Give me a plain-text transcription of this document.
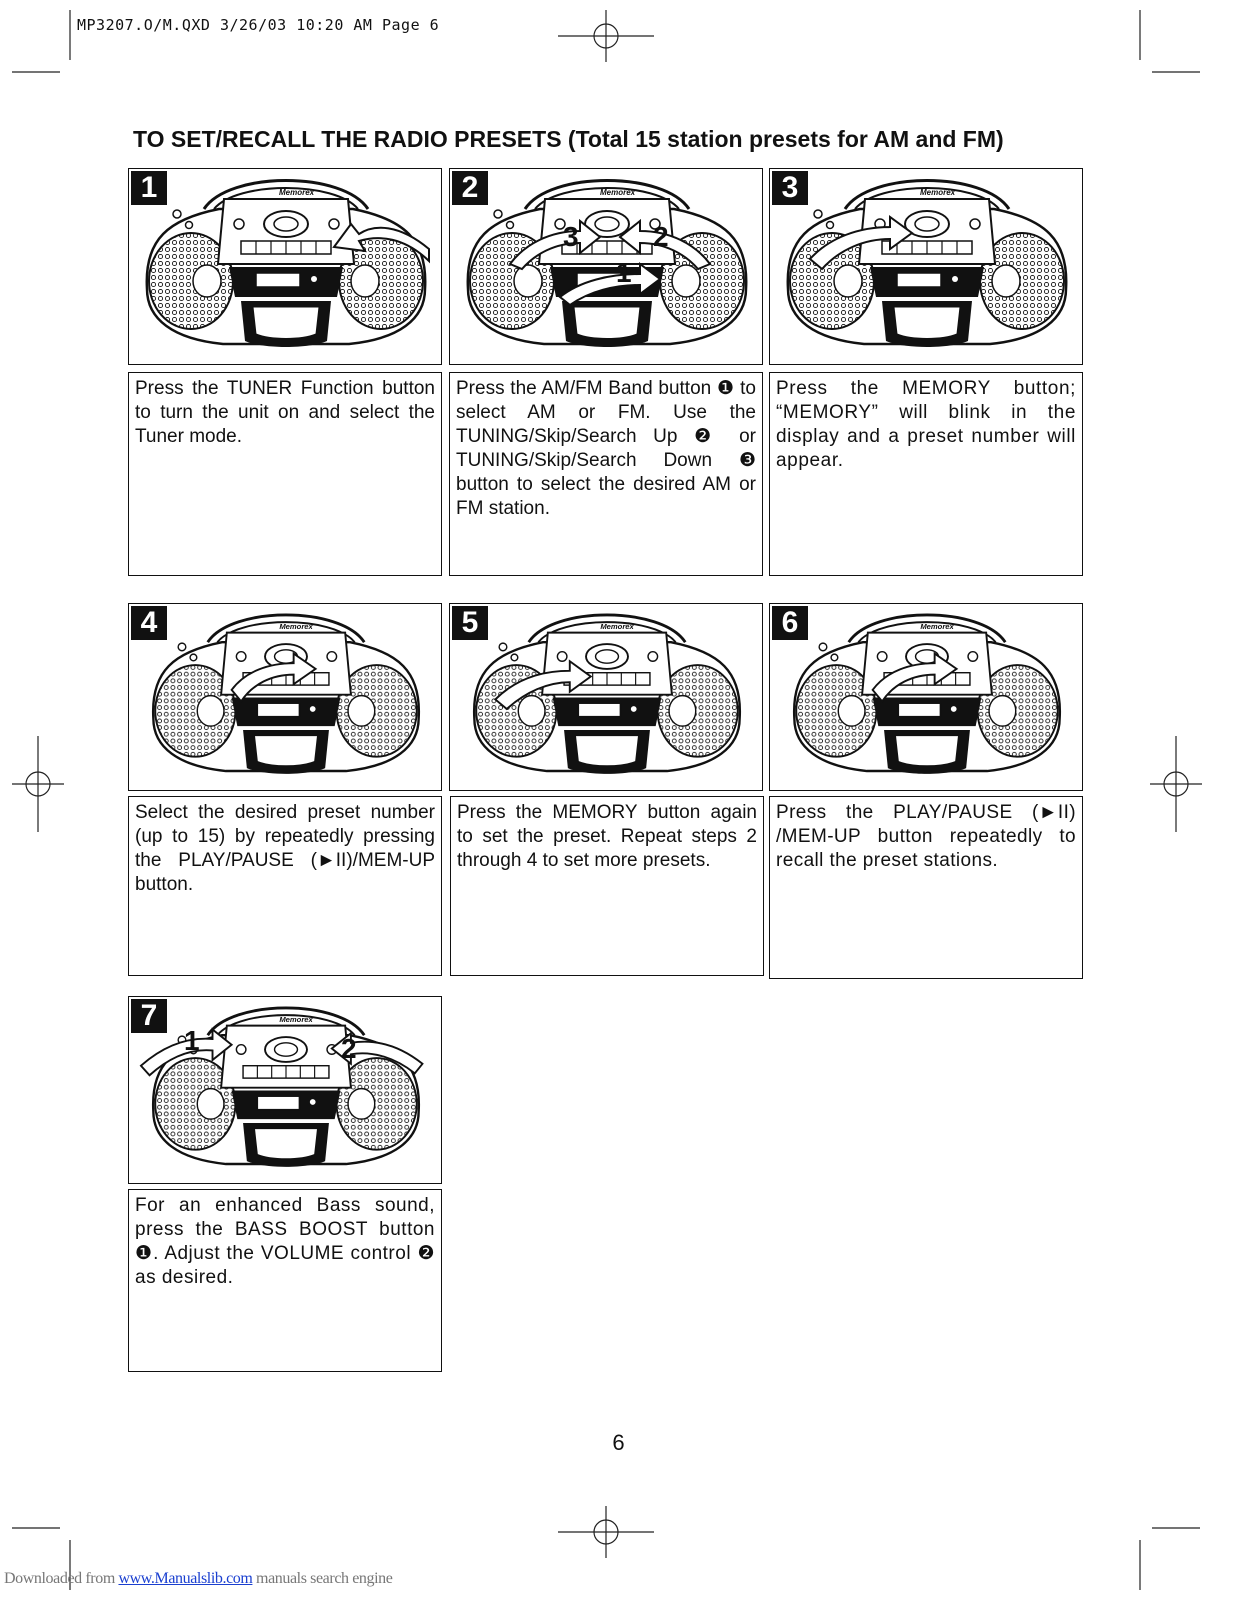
MP3207.O/M.QXD 3/26/03 10:20 AM Page 6
TO SET/RECALL THE RADIO PRESETS (Total 15 station presets for AM and FM)
1
Press the TUNER Function button to turn the unit on and select the Tuner mode.
2
3	2
1
Press the AM/FM Band button ❶ to select AM or FM. Use the TUNING/Skip/Search Up ❷ or TUNING/Skip/Search Down ❸ button to select the desired AM or FM station.
3
Press the MEMORY button; “MEMORY” will blink in the display and a preset number will appear.
4
Select the desired preset number (up to 15) by repeatedly pressing the PLAY/PAUSE (►II)/MEM-UP button.
5
Press the MEMORY button again to set the preset. Repeat steps 2 through 4 to set more presets.
6
Press the PLAY/PAUSE (►II) /MEM-UP button repeatedly to recall the preset stations.
7
1	2
For an enhanced Bass sound, press the BASS BOOST button ❶. Adjust the VOLUME control ❷ as desired.
6
Downloaded from www.Manualslib.com manuals search engine
